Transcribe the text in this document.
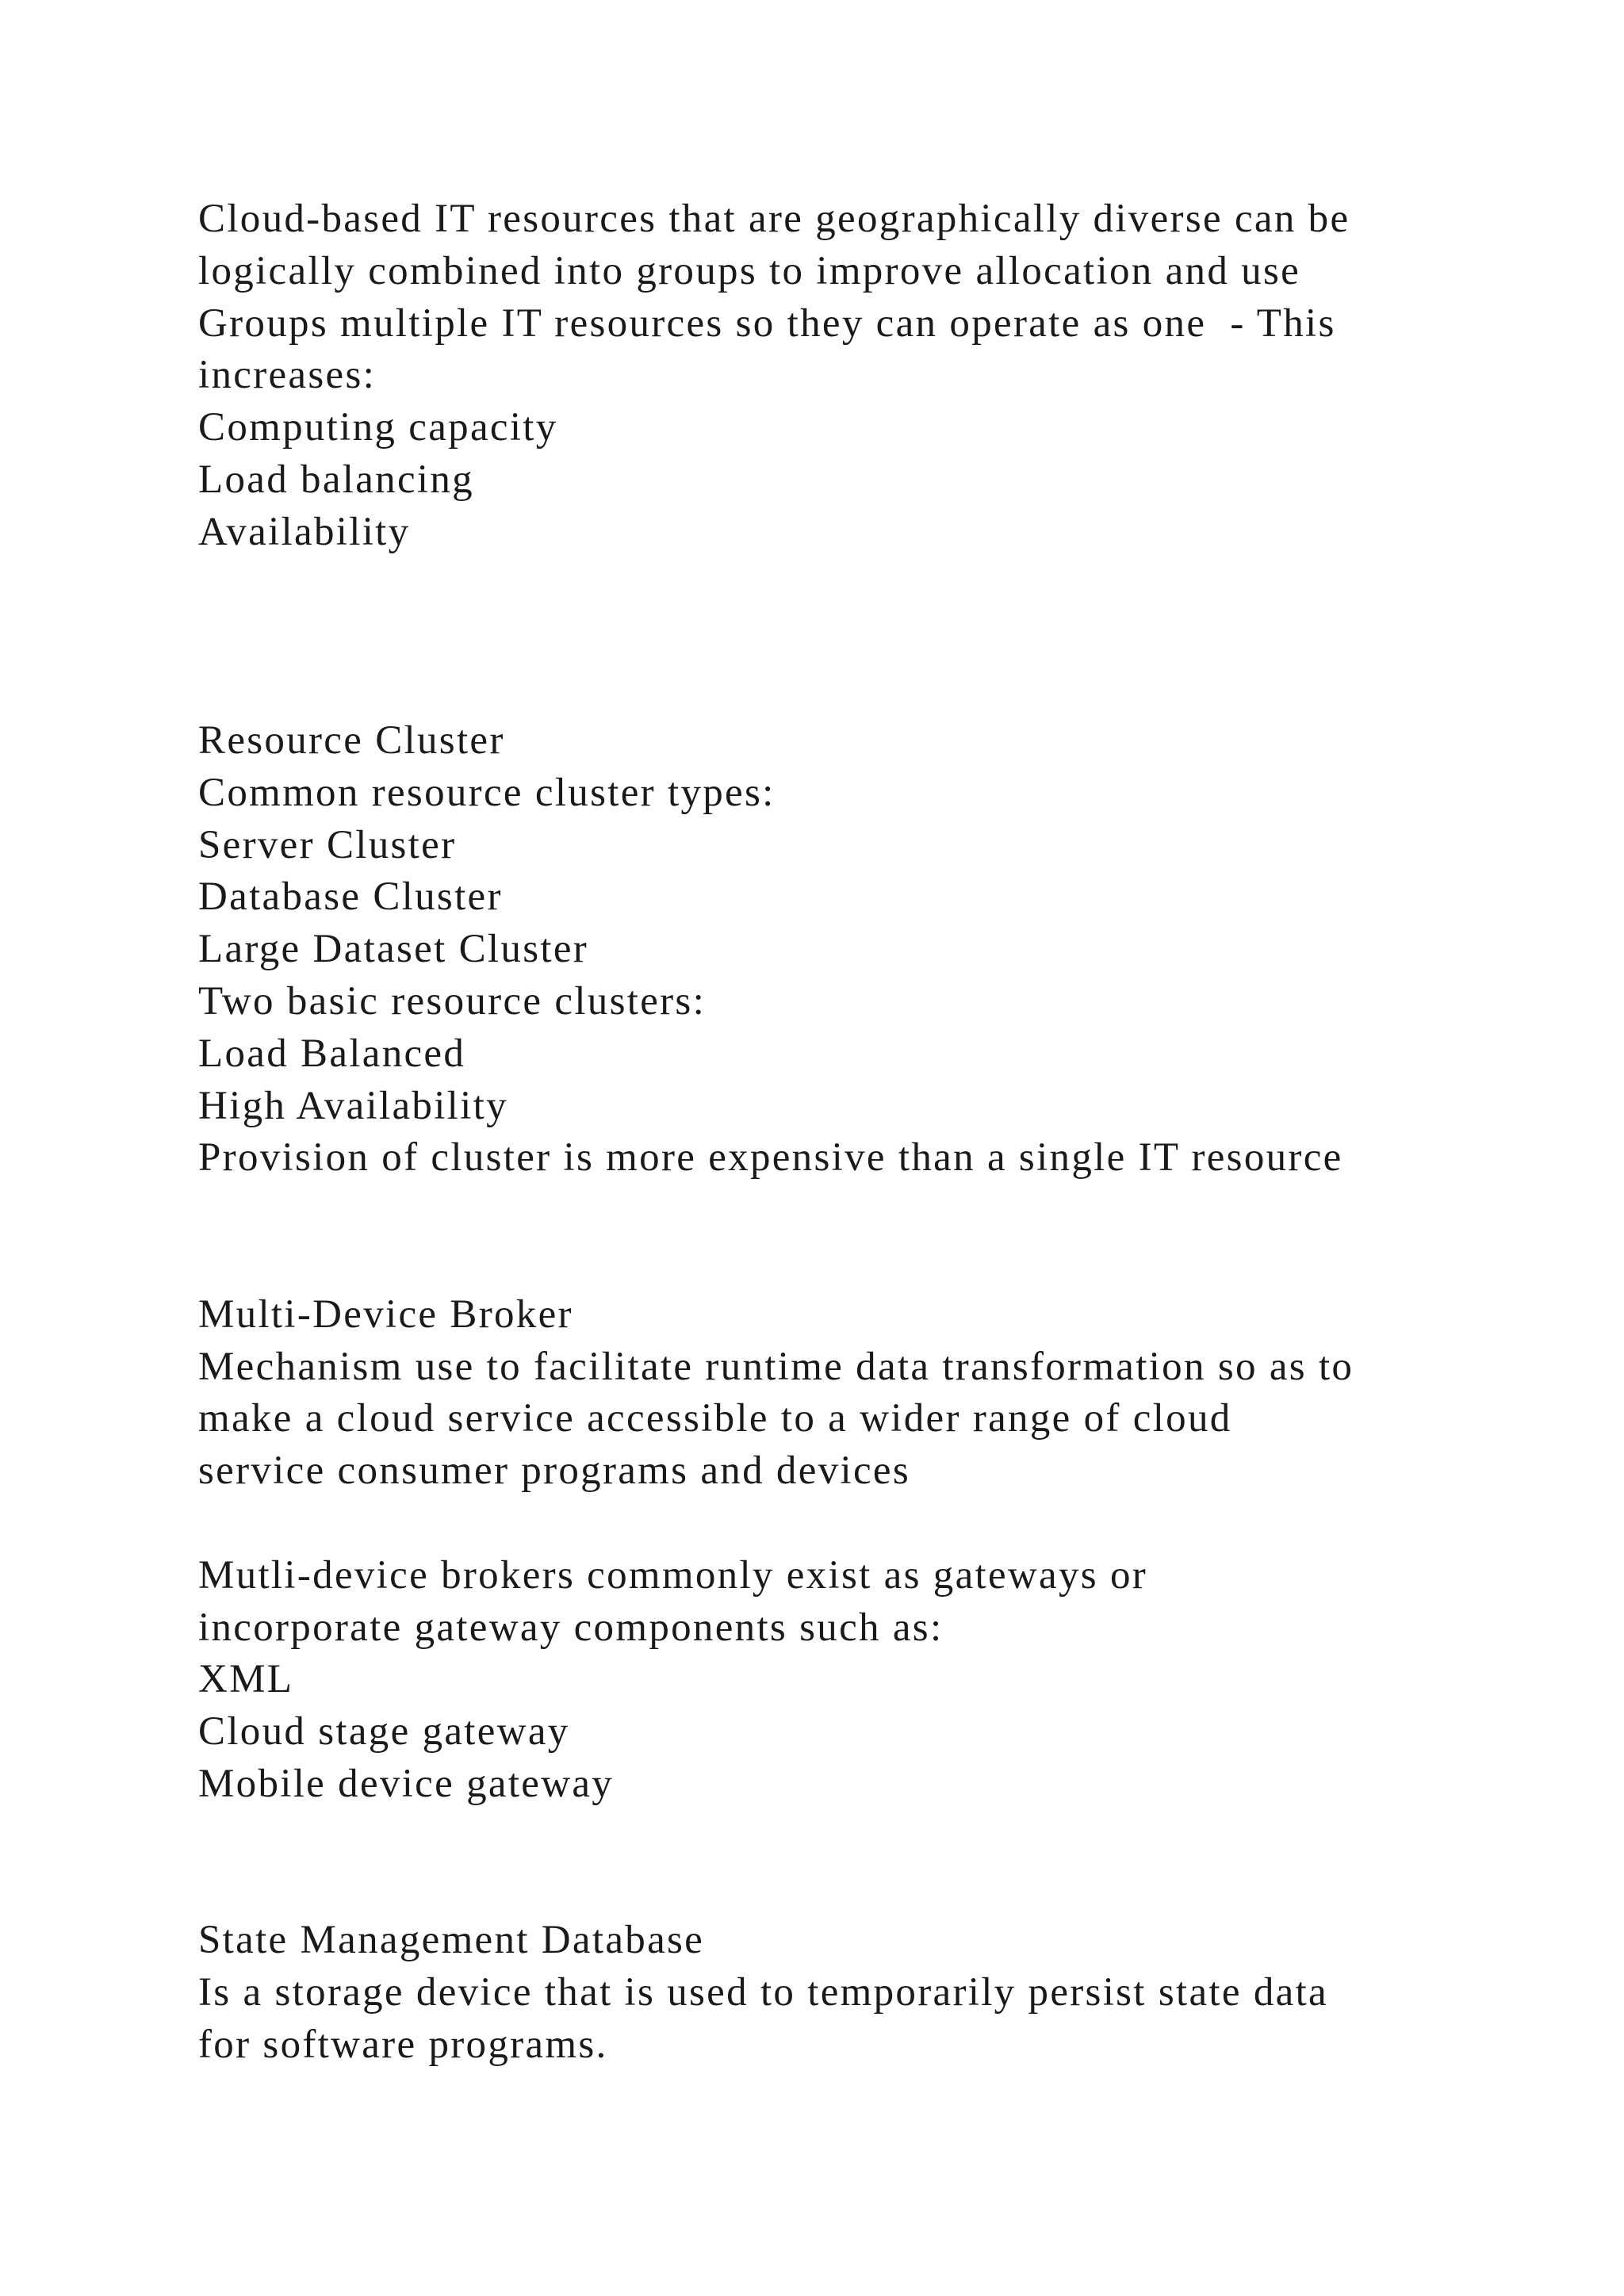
Cloud-based IT resources that are geographically diverse can be
logically combined into groups to improve allocation and use
Groups multiple IT resources so they can operate as one  - This
increases:
Computing capacity
Load balancing
Availability
Resource Cluster
Common resource cluster types:
Server Cluster
Database Cluster
Large Dataset Cluster
Two basic resource clusters:
Load Balanced
High Availability
Provision of cluster is more expensive than a single IT resource
Multi-Device Broker
Mechanism use to facilitate runtime data transformation so as to
make a cloud service accessible to a wider range of cloud
service consumer programs and devices
Mutli-device brokers commonly exist as gateways or
incorporate gateway components such as:
XML
Cloud stage gateway
Mobile device gateway
State Management Database
Is a storage device that is used to temporarily persist state data
for software programs.
